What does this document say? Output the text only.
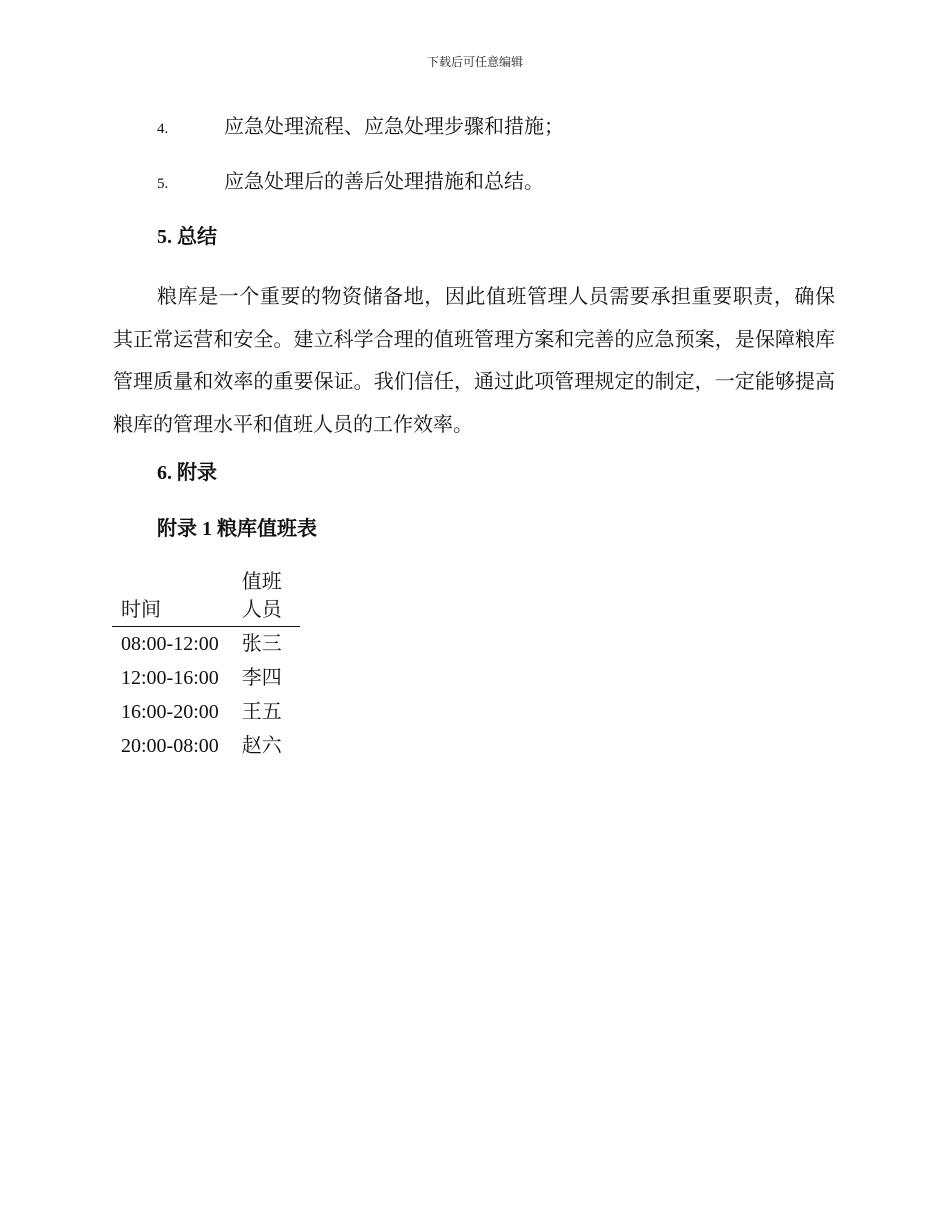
下载后可任意编辑
4.	应急处理流程、应急处理步骤和措施；
5.	应急处理后的善后处理措施和总结。
5. 总结
粮库是一个重要的物资储备地，因此值班管理人员需要承担重要职责，确保其正常运营和安全。建立科学合理的值班管理方案和完善的应急预案，是保障粮库管理质量和效率的重要保证。我们信任，通过此项管理规定的制定，一定能够提高粮库的管理水平和值班人员的工作效率。
6. 附录
附录 1 粮库值班表
时间	值班人员
08:00-12:00	张三
12:00-16:00	李四
16:00-20:00	王五
20:00-08:00	赵六
